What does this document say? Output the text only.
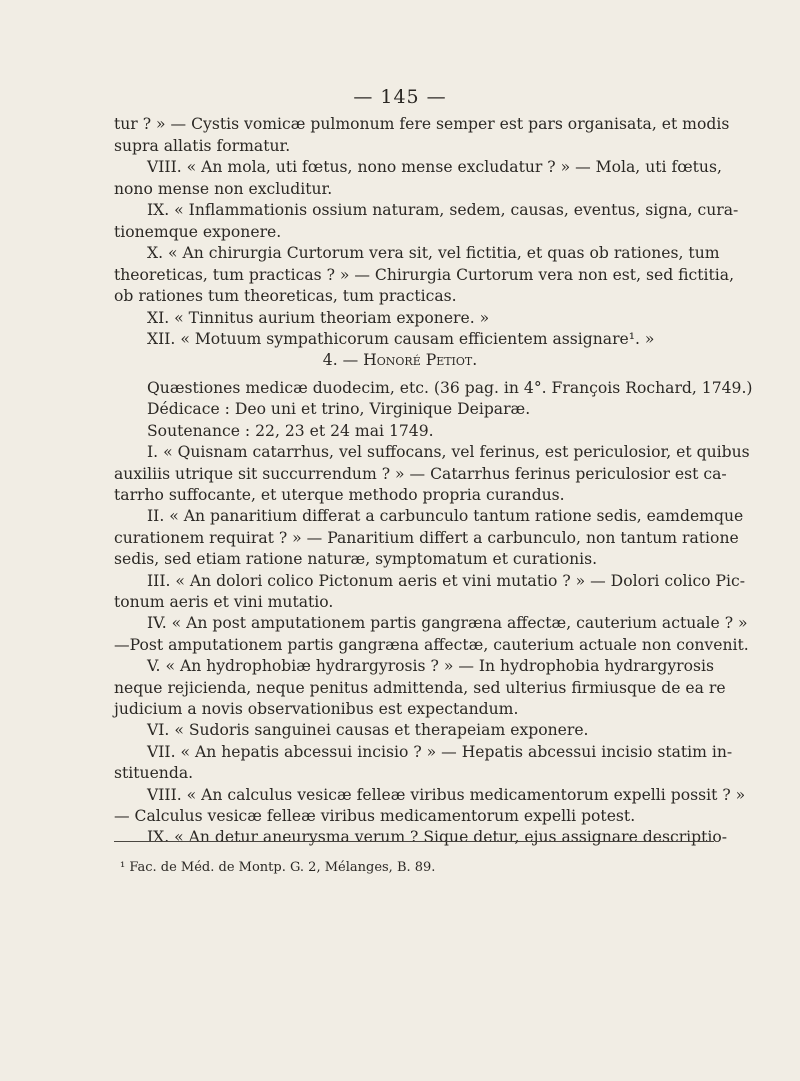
— 145 —
tur ? » — Cystis vomicæ pulmonum fere semper est pars organisata, et modis
supra allatis formatur.
VIII. « An mola, uti fœtus, nono mense excludatur ? » — Mola, uti fœtus,
nono mense non excluditur.
IX. « Inflammationis ossium naturam, sedem, causas, eventus, signa, cura-
tionemque exponere.
X. « An chirurgia Curtorum vera sit, vel fictitia, et quas ob rationes, tum
theoreticas, tum practicas ? » — Chirurgia Curtorum vera non est, sed fictitia,
ob rationes tum theoreticas, tum practicas.
XI. « Tinnitus aurium theoriam exponere. »
XII. « Motuum sympathicorum causam efficientem assignare¹. »
4. — Honoré Petiot.
Quæstiones medicæ duodecim, etc. (36 pag. in 4°. François Rochard, 1749.)
Dédicace : Deo uni et trino, Virginique Deiparæ.
Soutenance : 22, 23 et 24 mai 1749.
I. « Quisnam catarrhus, vel suffocans, vel ferinus, est periculosior, et quibus
auxiliis utrique sit succurrendum ? » — Catarrhus ferinus periculosior est ca-
tarrho suffocante, et uterque methodo propria curandus.
II. « An panaritium differat a carbunculo tantum ratione sedis, eamdemque
curationem requirat ? » — Panaritium differt a carbunculo, non tantum ratione
sedis, sed etiam ratione naturæ, symptomatum et curationis.
III. « An dolori colico Pictonum aeris et vini mutatio ? » — Dolori colico Pic-
tonum aeris et vini mutatio.
IV. « An post amputationem partis gangræna affectæ, cauterium actuale ? »
—Post amputationem partis gangræna affectæ, cauterium actuale non convenit.
V. « An hydrophobiæ hydrargyrosis ? » — In hydrophobia hydrargyrosis
neque rejicienda, neque penitus admittenda, sed ulterius firmiusque de ea re
judicium a novis observationibus est expectandum.
VI. « Sudoris sanguinei causas et therapeiam exponere.
VII. « An hepatis abcessui incisio ? » — Hepatis abcessui incisio statim in-
stituenda.
VIII. « An calculus vesicæ felleæ viribus medicamentorum expelli possit ? »
— Calculus vesicæ felleæ viribus medicamentorum expelli potest.
IX. « An detur aneurysma verum ? Sique detur, ejus assignare descriptio-
¹ Fac. de Méd. de Montp. G. 2, Mélanges, B. 89.
